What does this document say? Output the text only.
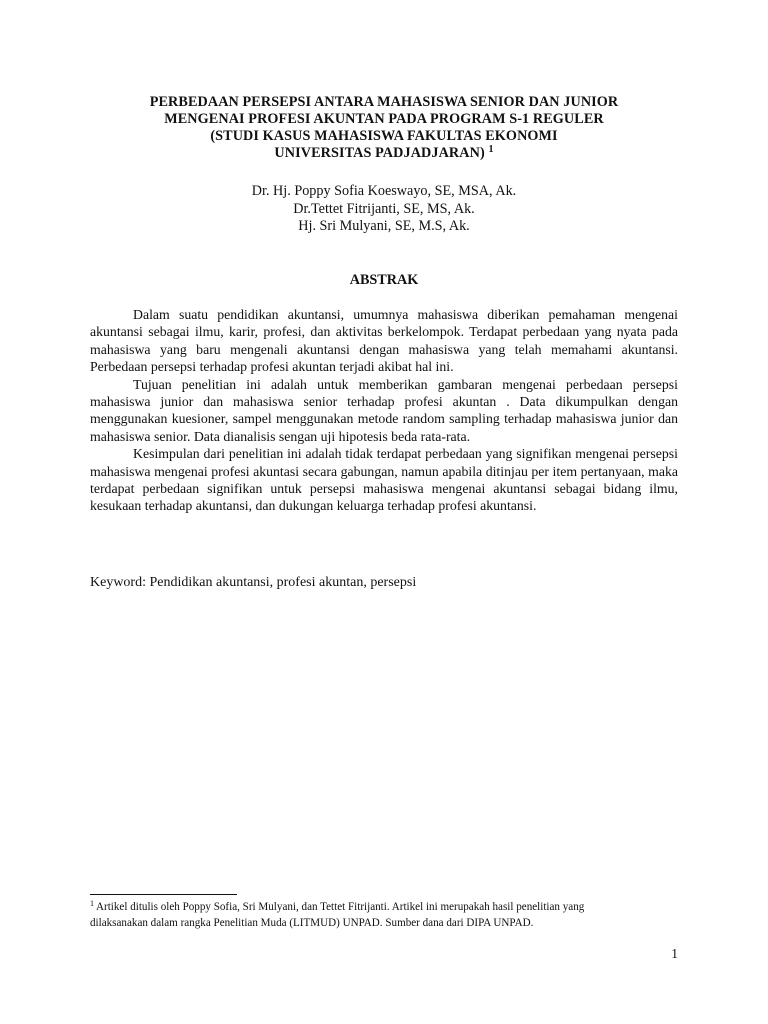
PERBEDAAN PERSEPSI ANTARA MAHASISWA SENIOR DAN JUNIOR
MENGENAI PROFESI AKUNTAN PADA PROGRAM S-1 REGULER
(STUDI KASUS MAHASISWA FAKULTAS EKONOMI
UNIVERSITAS PADJADJARAN) $^1$
Dr. Hj. Poppy Sofia Koeswayo, SE, MSA, Ak.
Dr.Tettet Fitrijanti, SE, MS, Ak.
Hj. Sri Mulyani, SE, M.S, Ak.
ABSTRAK

Dalam suatu pendidikan akuntansi, umumnya mahasiswa diberikan pemahaman mengenai akuntansi sebagai ilmu, karir, profesi, dan aktivitas berkelompok. Terdapat perbedaan yang nyata pada mahasiswa yang baru mengenali akuntansi dengan mahasiswa yang telah memahami akuntansi. Perbedaan persepsi terhadap profesi akuntan terjadi akibat hal ini.

Tujuan penelitian ini adalah untuk memberikan gambaran mengenai perbedaan persepsi mahasiswa junior dan mahasiswa senior terhadap profesi akuntan . Data dikumpulkan dengan menggunakan kuesioner, sampel menggunakan metode random sampling terhadap mahasiswa junior dan mahasiswa senior. Data dianalisis sengan uji hipotesis beda rata-rata.

Kesimpulan dari penelitian ini adalah tidak terdapat perbedaan yang signifikan mengenai persepsi mahasiswa mengenai profesi akuntasi secara gabungan, namun apabila ditinjau per item pertanyaan, maka terdapat perbedaan signifikan untuk persepsi mahasiswa mengenai akuntansi sebagai bidang ilmu, kesukaan terhadap akuntansi, dan dukungan keluarga terhadap profesi akuntansi.

Keyword: Pendidikan akuntansi, profesi akuntan, persepsi
$^1$ Artikel ditulis oleh Poppy Sofia, Sri Mulyani, dan Tettet Fitrijanti. Artikel ini merupakah hasil penelitian yang
dilaksanakan dalam rangka Penelitian Muda (LITMUD) UNPAD. Sumber dana dari DIPA UNPAD.
1
